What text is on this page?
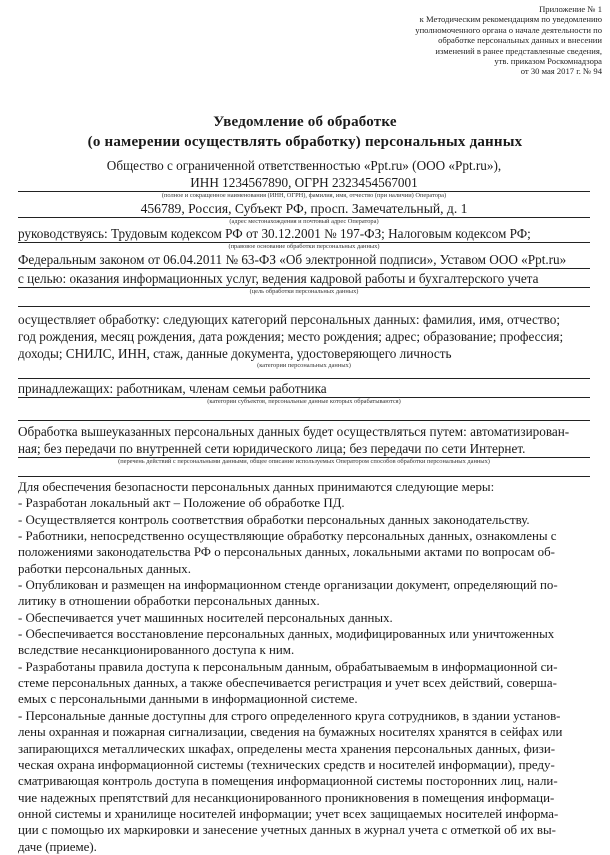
Приложение № 1
к Методическим рекомендациям по уведомлению
уполномоченного органа о начале деятельности по
обработке персональных данных и внесении
изменений в ранее представленные сведения,
утв. приказом Роскомнадзора
от 30 мая 2017 г. № 94
Уведомление об обработке
(о намерении осуществлять обработку) персональных данных
Общество с ограниченной ответственностью «Ppt.ru» (ООО «Ppt.ru»),
ИНН 1234567890, ОГРН 2323454567001
(полное и сокращенное наименования (ИНН, ОГРН), фамилия, имя, отчество (при наличии) Оператора)
456789, Россия, Субъект РФ, просп. Замечательный, д. 1
(адрес местонахождения и почтовый адрес Оператора)
руководствуясь: Трудовым кодексом РФ от 30.12.2001 № 197-ФЗ; Налоговым кодексом РФ;
(правовое основание обработки персональных данных)
Федеральным законом от 06.04.2011 № 63-ФЗ «Об электронной подписи», Уставом ООО «Ppt.ru»
с целью: оказания информационных услуг, ведения кадровой работы и бухгалтерского учета
(цель обработки персональных данных)
осуществляет обработку: следующих категорий персональных данных: фамилия, имя, отчество;
год рождения, месяц рождения, дата рождения; место рождения; адрес; образование; профессия;
доходы; СНИЛС, ИНН, стаж, данные документа, удостоверяющего личность
(категории персональных данных)
принадлежащих: работникам, членам семьи работника
(категории субъектов, персональные данные которых обрабатываются)
Обработка вышеуказанных персональных данных будет осуществляться путем: автоматизирован-
ная; без передачи по внутренней сети юридического лица; без передачи по сети Интернет.
(перечень действий с персональными данными, общее описание используемых Оператором способов обработки персональных данных)
Для обеспечения безопасности персональных данных принимаются следующие меры:
- Разработан локальный акт – Положение об обработке ПД.
- Осуществляется контроль соответствия обработки персональных данных законодательству.
- Работники, непосредственно осуществляющие обработку персональных данных, ознакомлены с
положениями законодательства РФ о персональных данных, локальными актами по вопросам об-
работки персональных данных.
- Опубликован и размещен на информационном стенде организации документ, определяющий по-
литику в отношении обработки персональных данных.
- Обеспечивается учет машинных носителей персональных данных.
- Обеспечивается восстановление персональных данных, модифицированных или уничтоженных
вследствие несанкционированного доступа к ним.
- Разработаны правила доступа к персональным данным, обрабатываемым в информационной си-
стеме персональных данных, а также обеспечивается регистрация и учет всех действий, соверша-
емых с персональными данными в информационной системе.
- Персональные данные доступны для строго определенного круга сотрудников, в здании установ-
лены охранная и пожарная сигнализации, сведения на бумажных носителях хранятся в сейфах или
запирающихся металлических шкафах, определены места хранения персональных данных, физи-
ческая охрана информационной системы (технических средств и носителей информации), преду-
сматривающая контроль доступа в помещения информационной системы посторонних лиц, нали-
чие надежных препятствий для несанкционированного проникновения в помещения информаци-
онной системы и хранилище носителей информации; учет всех защищаемых носителей информа-
ции с помощью их маркировки и занесение учетных данных в журнал учета с отметкой об их вы-
даче (приеме).
